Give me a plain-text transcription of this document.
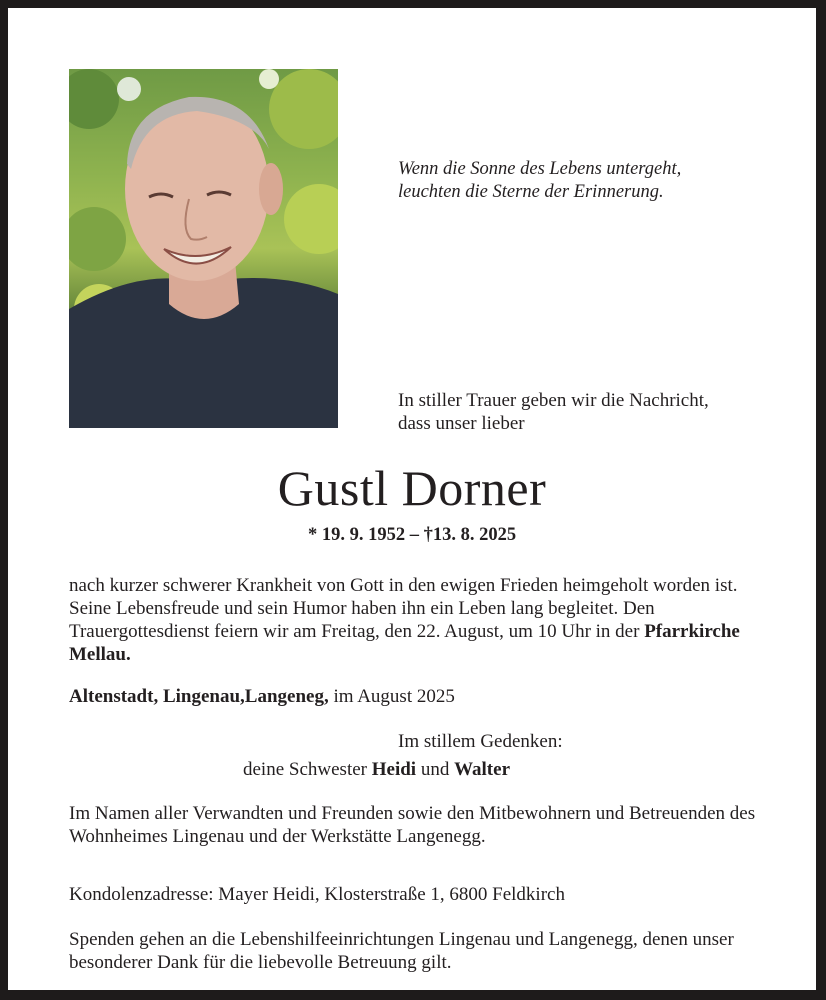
Wenn die Sonne des Lebens untergeht,
leuchten die Sterne der Erinnerung.
In stiller Trauer geben wir die Nachricht,
dass unser lieber
Gustl Dorner
* 19. 9. 1952 – †13. 8. 2025
nach kurzer schwerer Krankheit von Gott in den ewigen Frieden heimgeholt worden ist. Seine Lebensfreude und sein Humor haben ihn ein Leben lang begleitet. Den Trauergottesdienst feiern wir am Freitag, den 22. August, um 10 Uhr in der Pfarrkirche Mellau.
Altenstadt, Lingenau,Langeneg, im August 2025
Im stillem Gedenken:
deine Schwester Heidi und Walter
Im Namen aller Verwandten und Freunden sowie den Mitbewohnern und Betreuenden des Wohnheimes Lingenau und der Werkstätte Langenegg.
Kondolenzadresse: Mayer Heidi, Klosterstraße 1, 6800 Feldkirch
Spenden gehen an die Lebenshilfeeinrichtungen Lingenau und Langenegg, denen unser besonderer Dank für die liebevolle Betreuung gilt.
